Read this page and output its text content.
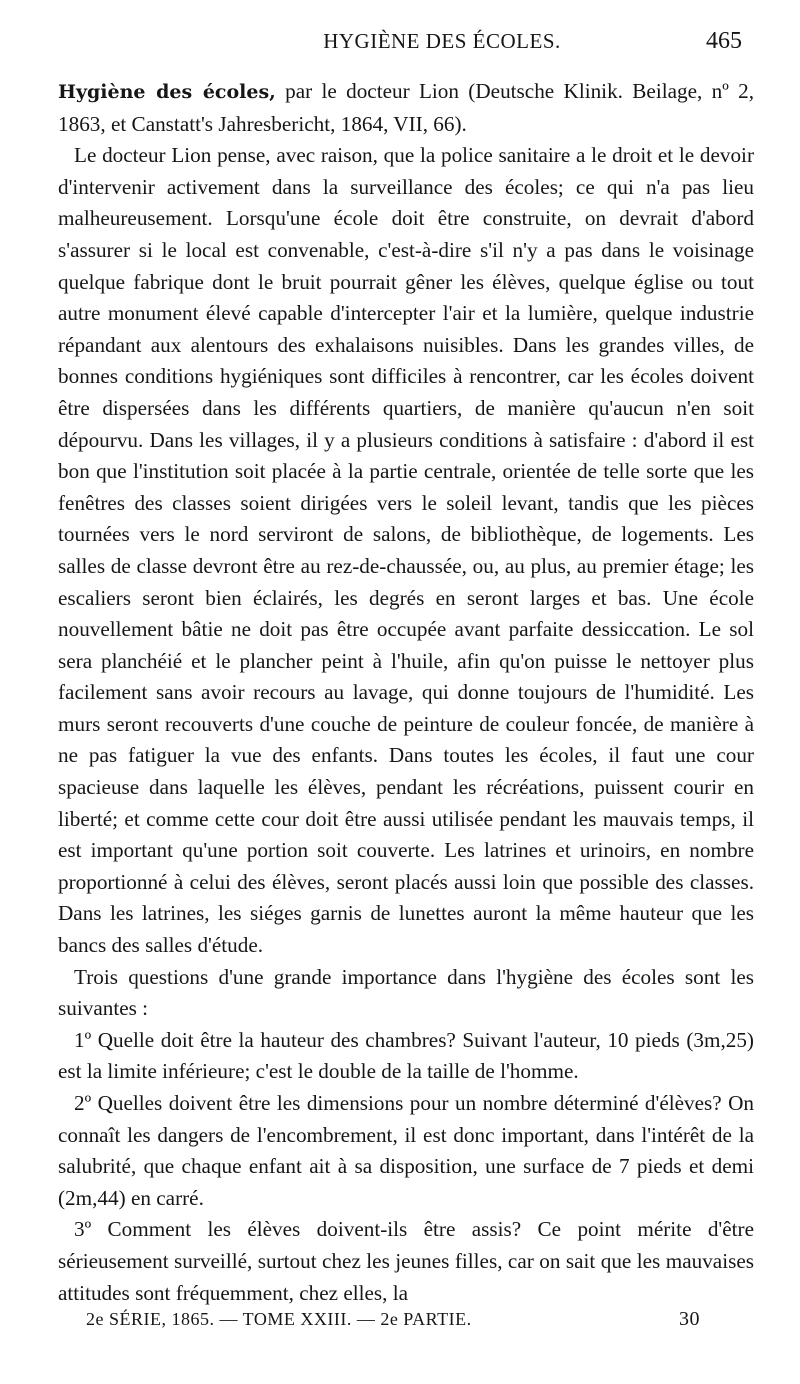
HYGIÈNE DES ÉCOLES.	465

Hygiène des écoles, par le docteur Lion (Deutsche Klinik. Beilage, nº 2, 1863, et Canstatt's Jahresbericht, 1864, VII, 66).

Le docteur Lion pense, avec raison, que la police sanitaire a le droit et le devoir d'intervenir activement dans la surveillance des écoles; ce qui n'a pas lieu malheureusement. Lorsqu'une école doit être construite, on devrait d'abord s'assurer si le local est convenable, c'est-à-dire s'il n'y a pas dans le voisinage quelque fabrique dont le bruit pourrait gêner les élèves, quelque église ou tout autre monument élevé capable d'intercepter l'air et la lumière, quelque industrie répandant aux alentours des exhalaisons nuisibles. Dans les grandes villes, de bonnes conditions hygiéniques sont difficiles à rencontrer, car les écoles doivent être dispersées dans les différents quartiers, de manière qu'aucun n'en soit dépourvu. Dans les villages, il y a plusieurs conditions à satisfaire : d'abord il est bon que l'institution soit placée à la partie centrale, orientée de telle sorte que les fenêtres des classes soient dirigées vers le soleil levant, tandis que les pièces tournées vers le nord serviront de salons, de bibliothèque, de logements. Les salles de classe devront être au rez-de-chaussée, ou, au plus, au premier étage; les escaliers seront bien éclairés, les degrés en seront larges et bas. Une école nouvellement bâtie ne doit pas être occupée avant parfaite dessiccation. Le sol sera planchéié et le plancher peint à l'huile, afin qu'on puisse le nettoyer plus facilement sans avoir recours au lavage, qui donne toujours de l'humidité. Les murs seront recouverts d'une couche de peinture de couleur foncée, de manière à ne pas fatiguer la vue des enfants. Dans toutes les écoles, il faut une cour spacieuse dans laquelle les élèves, pendant les récréations, puissent courir en liberté; et comme cette cour doit être aussi utilisée pendant les mauvais temps, il est important qu'une portion soit couverte. Les latrines et urinoirs, en nombre proportionné à celui des élèves, seront placés aussi loin que possible des classes. Dans les latrines, les siéges garnis de lunettes auront la même hauteur que les bancs des salles d'étude.

Trois questions d'une grande importance dans l'hygiène des écoles sont les suivantes :

1º Quelle doit être la hauteur des chambres? Suivant l'auteur, 10 pieds (3m,25) est la limite inférieure; c'est le double de la taille de l'homme.

2º Quelles doivent être les dimensions pour un nombre déterminé d'élèves? On connaît les dangers de l'encombrement, il est donc important, dans l'intérêt de la salubrité, que chaque enfant ait à sa disposition, une surface de 7 pieds et demi (2m,44) en carré.

3º Comment les élèves doivent-ils être assis? Ce point mérite d'être sérieusement surveillé, surtout chez les jeunes filles, car on sait que les mauvaises attitudes sont fréquemment, chez elles, la

2e SÉRIE, 1865. — TOME XXIII. — 2e PARTIE.	30
